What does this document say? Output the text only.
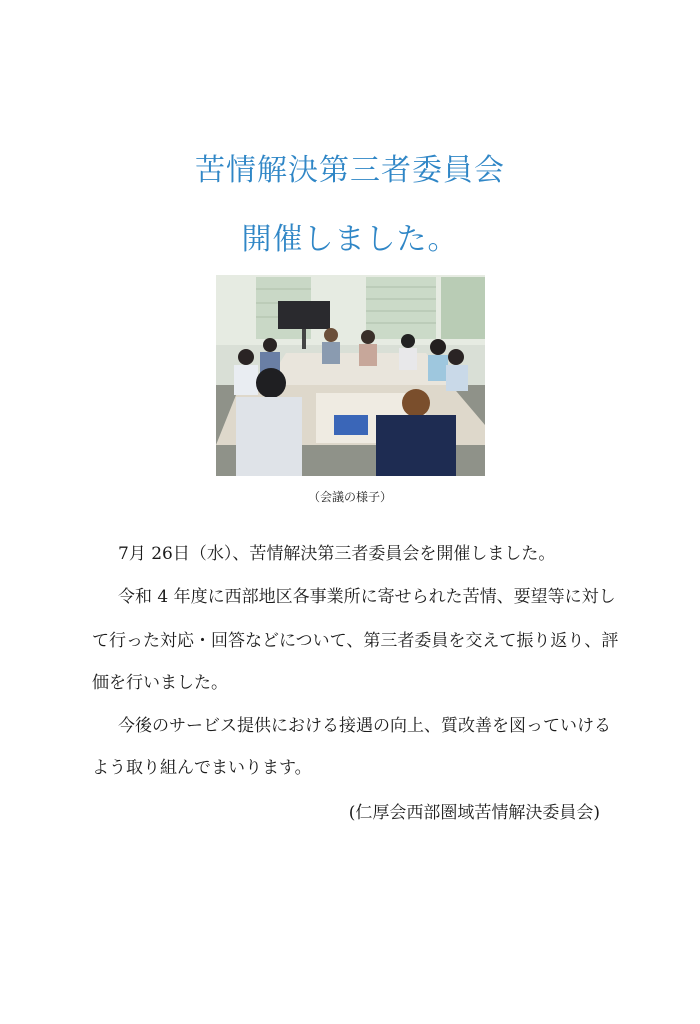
苦情解決第三者委員会
開催しました。
（会議の様子）
7月 26日（水）、苦情解決第三者委員会を開催しました。
令和 4 年度に西部地区各事業所に寄せられた苦情、要望等に対し
て行った対応・回答などについて、第三者委員を交えて振り返り、評
価を行いました。
今後のサービス提供における接遇の向上、質改善を図っていける
よう取り組んでまいります。
(仁厚会西部圏域苦情解決委員会)
